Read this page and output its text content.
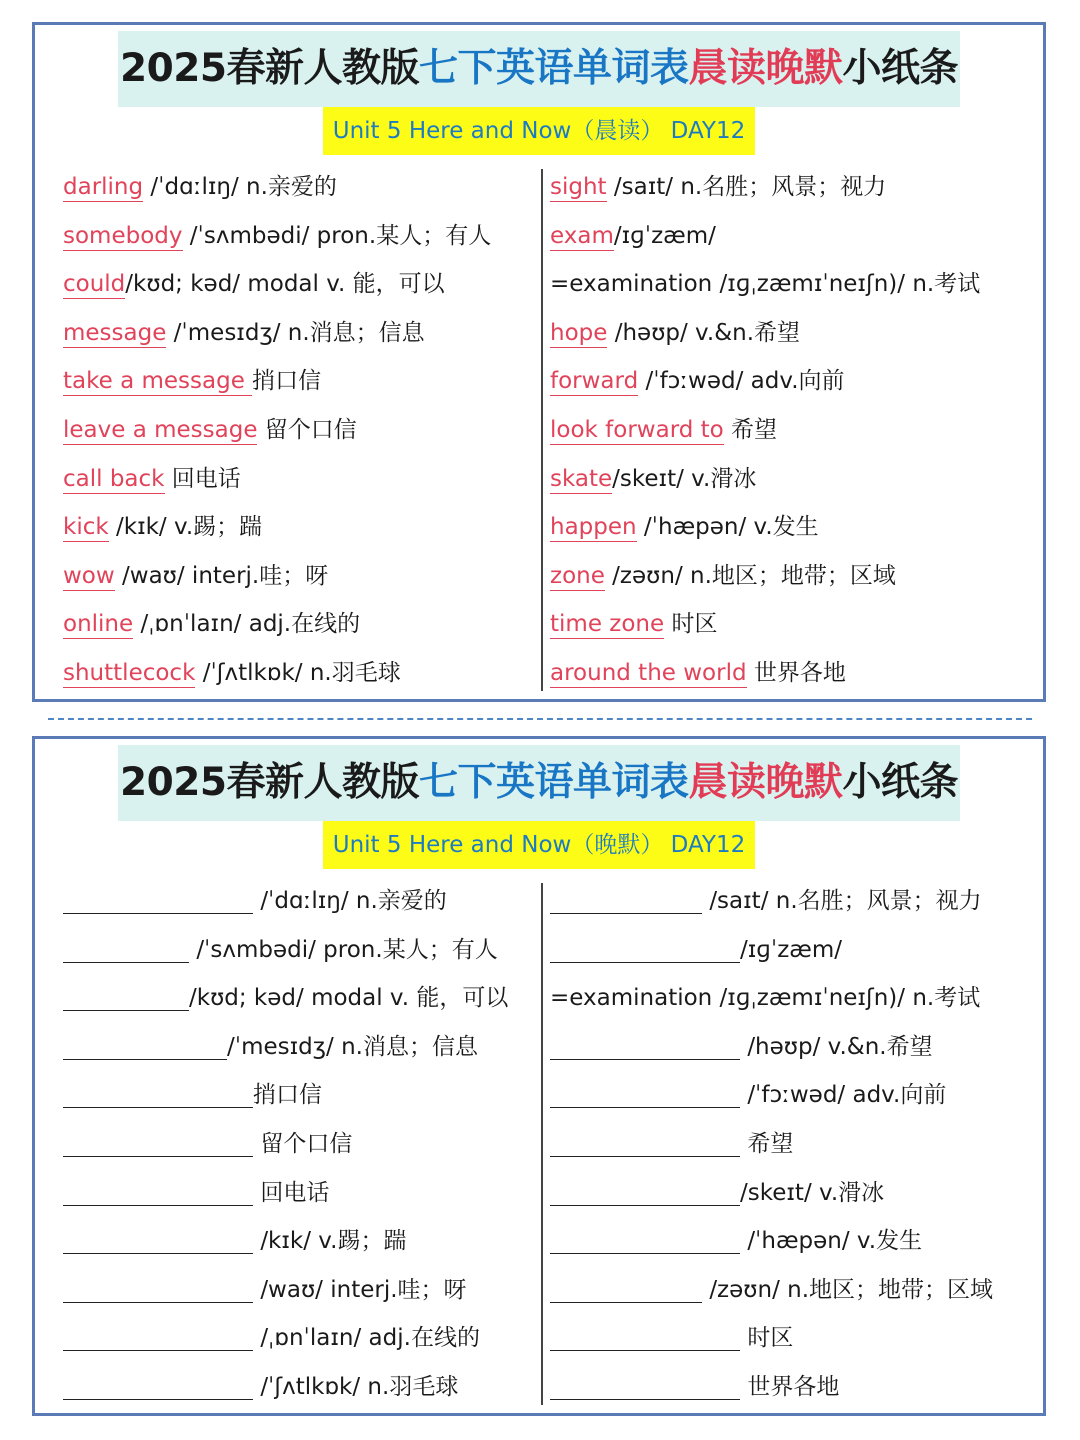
2025春新人教版七下英语单词表晨读晚默小纸条
Unit 5 Here and Now（晨读） DAY12
darling /ˈdɑːlɪŋ/ n.亲爱的
somebody /ˈsʌmbədi/ pron.某人；有人
could/kʊd; kəd/ modal v. 能，可以
message /ˈmesɪdʒ/ n.消息；信息
take a message 捎口信
leave a message 留个口信
call back 回电话
kick /kɪk/ v.踢；踹
wow /waʊ/ interj.哇；呀
online /ˌɒnˈlaɪn/ adj.在线的
shuttlecock /ˈʃʌtlkɒk/ n.羽毛球
sight /saɪt/ n.名胜；风景；视力
exam/ɪɡˈzæm/
=examination /ɪɡˌzæmɪˈneɪʃn)/ n.考试
hope /həʊp/ v.&n.希望
forward /ˈfɔːwəd/ adv.向前
look forward to 希望
skate/skeɪt/ v.滑冰
happen /ˈhæpən/ v.发生
zone /zəʊn/ n.地区；地带；区域
time zone 时区
around the world 世界各地
2025春新人教版七下英语单词表晨读晚默小纸条
Unit 5 Here and Now（晚默） DAY12
/ˈdɑːlɪŋ/ n.亲爱的
/ˈsʌmbədi/ pron.某人；有人
/kʊd; kəd/ modal v. 能，可以
/ˈmesɪdʒ/ n.消息；信息
捎口信
留个口信
回电话
/kɪk/ v.踢；踹
/waʊ/ interj.哇；呀
/ˌɒnˈlaɪn/ adj.在线的
/ˈʃʌtlkɒk/ n.羽毛球
/saɪt/ n.名胜；风景；视力
/ɪɡˈzæm/
=examination /ɪɡˌzæmɪˈneɪʃn)/ n.考试
/həʊp/ v.&n.希望
/ˈfɔːwəd/ adv.向前
希望
/skeɪt/ v.滑冰
/ˈhæpən/ v.发生
/zəʊn/ n.地区；地带；区域
时区
世界各地
